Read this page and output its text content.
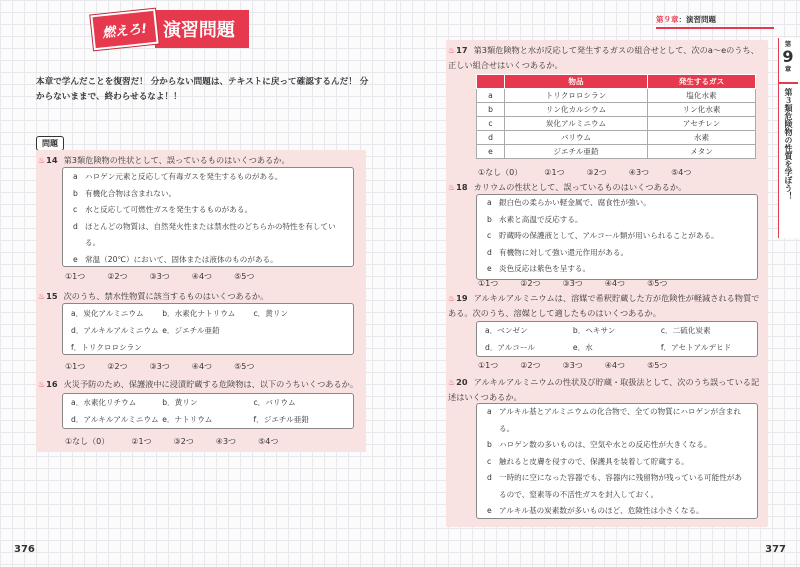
燃えろ! 演習問題
本章で学んだことを復習だ！ 分からない問題は、テキストに戻って確認するんだ！ 分からないままで、終わらせるなよ！！
問題
♨14 第3類危険物の性状として、誤っているものはいくつあるか。
a ハロゲン元素と反応して有毒ガスを発生するものがある。
b 有機化合物は含まれない。
c	水と反応して可燃性ガスを発生するものがある。
d ほとんどの物質は、自然発火性または禁水性のどちらかの特性を有している。
e 常温（20℃）において、固体または液体のものがある。
①1つ	②2つ	③3つ	④4つ	⑤5つ
♨15 次のうち、禁水性物質に該当するものはいくつあるか。
a．炭化アルミニウム	b．水素化ナトリウム	c．黄リン
d．アルキルアルミニウム e．ジエチル亜鉛
f．トリクロロシラン
①1つ	②2つ	③3つ	④4つ	⑤5つ
♨16 火災予防のため、保護液中に浸漬貯蔵する危険物は、以下のうちいくつあるか。
a．水素化リチウム	b．黄リン	c．バリウム
d．アルキルアルミニウム e．ナトリウム	f．ジエチル亜鉛
①なし（0）	②1つ	③2つ	④3つ	⑤4つ
376
第９章：演習問題
第
9
章
第３類危険物の性質を学ぼう！
♨17 第3類危険物と水が反応して発生するガスの組合せとして、次のa〜eのうち、正しい組合せはいくつあるか。
	物品	発生するガス
a	トリクロロシラン	塩化水素
b	リン化カルシウム	リン化水素
c	炭化アルミニウム	アセチレン
d	バリウム	水素
e	ジエチル亜鉛	メタン
①なし（0）	②1つ	③2つ	④3つ	⑤4つ
♨18 カリウムの性状として、誤っているものはいくつあるか。
a 銀白色の柔らかい軽金属で、腐食性が強い。
b 水素と高温で反応する。
c	貯蔵時の保護液として、アルコール類が用いられることがある。
d 有機物に対して強い還元作用がある。
e 炎色反応は紫色を呈する。
①1つ	②2つ	③3つ	④4つ	⑤5つ
♨19 アルキルアルミニウムは、溶媒で希釈貯蔵した方が危険性が軽減される物質である。次のうち、溶媒として適したものはいくつあるか。
a．ベンゼン	b．ヘキサン	c．二硫化炭素
d．アルコール	e．水	f．アセトアルデヒド
①1つ	②2つ	③3つ	④4つ	⑤5つ
♨20 アルキルアルミニウムの性状及び貯蔵・取扱法として、次のうち誤っている記述はいくつあるか。
a アルキル基とアルミニウムの化合物で、全ての物質にハロゲンが含まれる。
b ハロゲン数の多いものは、空気や水との反応性が大きくなる。
c	触れると皮膚を侵すので、保護具を装着して貯蔵する。
d 一時的に空になった容器でも、容器内に残留物が残っている可能性があるので、窒素等の不活性ガスを封入しておく。
e アルキル基の炭素数が多いものほど、危険性は小さくなる。
377
